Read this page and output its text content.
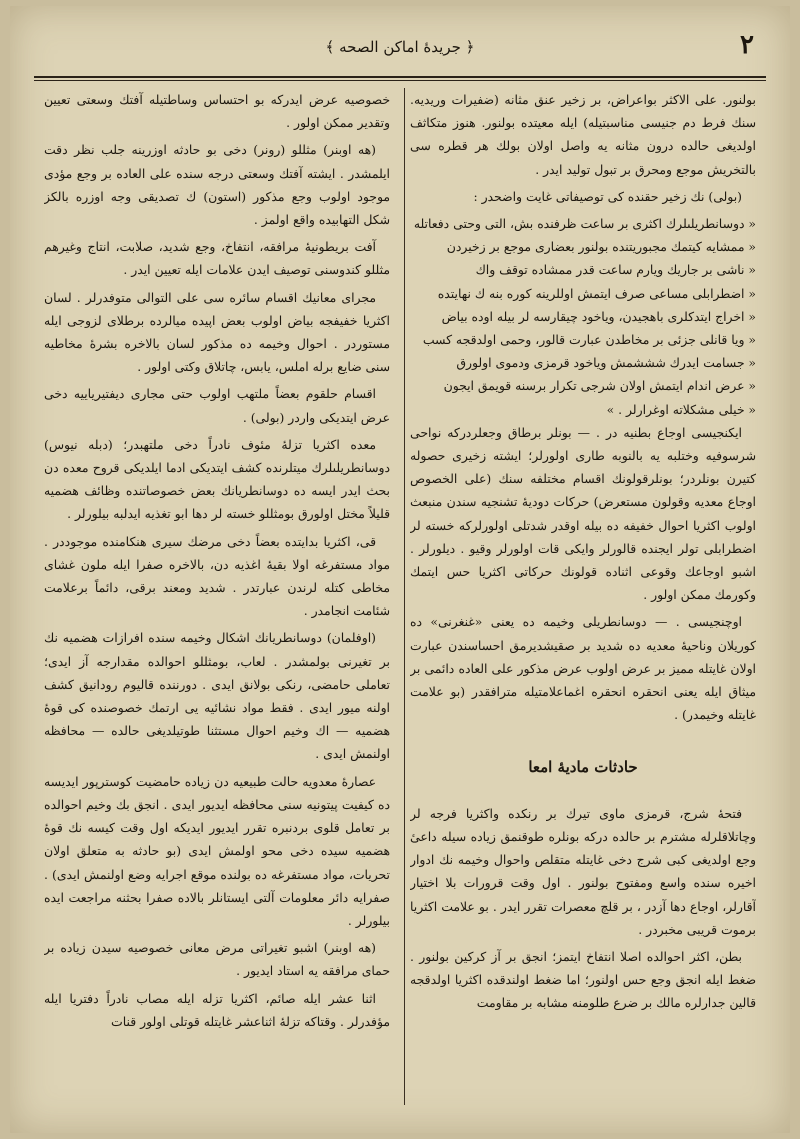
٢
﴿ جريدهٔ اماكن الصحه ﴾

بولنور. على الاكثر بواعراض، بر زخير عنق مثانه (ضفيرات وريديه. سنك فرط دم جنيسى مناسبتيله) ايله معيتده بولنور. هنوز متكاثف اولديغى حالده درون مثانه يه واصل اولان بولك هر قطره سى بالتخريش موجع ومحرق بر تبول توليد ايدر .

(بولى) نك زخير حقنده كى توصيفاتى غايت واضحدر :

« دوسانطريلىلرك اكثرى بر ساعت ظرفنده بش، التى وحتى دفعاتله

« ممشايه كيتمك مجبوريتنده بولنور بعضارى موجع بر زخيردن

« ناشى بر جاريك ويارم ساعت قدر ممشاده توقف واك

« اضطرابلى مساعى صرف ايتمش اوللرينه كوره بنه ك نهايتده

« اخراج ايتدكلرى باهجيدن، وياخود چيقارسه لر بيله اوده بياض

« ويا قانلى جزئى بر مخاطدن عبارت قالور، وحمى اولدقجه كسب

« جسامت ايدرك شششمش وياخود قرمزى ودموى اولورق

« عرض اندام ايتمش اولان شرجى تكرار برسنه قويمق ايجون

« خيلى مشكلاته اوغرارلر . »

ايكنجيسى اوجاع بطنيه در . — بونلر برطاق وجعلردركه نواحى شرسوفيه وختلبه يه بالنوبه طارى اولورلر؛ ايشته زخيرى حصوله كتيرن بونلردر؛ بونلرقولونك اقسام مختلفه سنك (على الخصوص اوجاع معديه وقولون مستعرض) حركات دوديهٔ تشنجيه سندن منبعث اولوب اكثريا احوال خفيفه ده بيله اوقدر شدتلى اولورلركه خسته لر اضطرابلى تولر ايجنده قالورلر وايكى قات اولورلر وقيو . ديلورلر . اشبو اوجاعك وقوعى اثناده قولونك حركاتى اكثريا حس ايتمك وكورمك ممكن اولور .

اوچنجيسى . — دوسانطريلى وخيمه ده يعنى «غنغرنى» ده كوريلان وناحيهٔ معديه ده شديد بر صقيشديرمق احساسندن عبارت اولان غايتله مميز بر عرض اولوب عرض مذكور على العاده دائمى بر ميثاق ايله يعنى انحقره انحقره اغماعلامتيله مترافقدر (بو علامت غايتله وخيمدر) .

حادثات ماديهٔ امعا

فتحهٔ شرج، قرمزى ماوى تيرك بر رنكده واكثريا فرجه لر وچاتلاقلرله مشترم بر حالده دركه بونلره طوقنمق زياده سيله داعىٔ وجع اولديغى كبى شرج دخى غايتله متقلص واحوال وخيمه نك ادوار اخيره سنده واسع ومفتوح بولنور . اول وقت قرورات بلا اختيار آقارلر، اوجاع دها آزدر ، بر قلچ معصرات تقرر ايدر . بو علامت اكثريا برموت قريبى مخبردر .

بطن، اكثر احوالده اصلا انتفاخ ايتمز؛ انجق بر آز كركين بولنور . ضغط ايله انجق وجع حس اولنور؛ اما ضغط اولندقده اكثريا اولدقجه قالين جدارلره مالك بر ضرع طلومنه مشابه بر مقاومت

خصوصيه عرض ايدركه بو احتساس وساطتيله آفتك وسعتى تعيين وتقدير ممكن اولور .

(هه اوبنر) مثللو (رونر) دخى بو حادثه اوزرينه جلب نظر دقت ايلمشدر . ايشته آفتك وسعتى درجه سنده على العاده بر وجع مؤدى موجود اولوب وجع مذكور (استون) ك تصديقى وجه اوزره بالكز شكل التهابيده واقع اولمز .

آفت بريطونيهٔ مرافقه، انتفاخ، وجع شديد، صلابت، انتاج وغيرهم مثللو كندوسنى توصيف ايدن علامات ايله تعيين ايدر .

مجراى معانيك اقسام سائره سى على التوالى متوفدرلر . لسان اكثريا خفيفجه بياض اولوب بعض اپيده ميالرده برطلاى لزوجى ايله مستوردر . احوال وخيمه ده مذكور لسان بالاخره بشرهٔ مخاطيه سنى ضايع برله املس، يابس، چاتلاق وكتى اولور .

اقسام حلقوم بعضاً ملتهب اولوب حتى مجارى ديفتيرياييه دخى عرض ايتديكى واردر (بولى) .

معده اكثريا تزلهٔ مئوف نادراً دخى ملتهبدر؛ (دبله نيوس) دوسانطريلىلرك ميتلرنده كشف ايتديكى ادما ايلديكى قروح معده دن بحث ايدر ايسه ده دوسانطريانك بعض خصوصاتنده وظائف هضميه قليلاً مختل اولورق بومثللو خسته لر دها ابو تغذيه ايدلبه بيلورلر .

قى، اكثريا بدايتده بعضاً دخى مرضك سيرى هنكامنده موجوددر . مواد مستفرغه اولا بقيهٔ اغذيه دن، بالاخره صفرا ايله ملون غشاى مخاطى كتله لرندن عبارتدر . شديد ومعند برقى، دائماً برعلامت شئامت انجامدر .

(اوفلمان) دوسانطريانك اشكال وخيمه سنده افرازات هضميه نك بر تغيرنى بولمشدر . لعاب، بومثللو احوالده مقدارجه آز ايدى؛ تعاملى حامضى، رنكى بولانق ايدى . دورننده قاليوم رودانيق كشف اولنه ميور ايدى . فقط مواد نشائيه يى ارتمك خصوصنده كى قوهٔ هضميه — اك وخيم احوال مستثنا طوتيلديغى حالده — محافظه اولنمش ايدى .

عصارهٔ معدويه حالت طبيعيه دن زياده حامضيت كوسترپور ايديسه ده كيفيت پيتونيه سنى محافظه ايديور ايدى . انجق بك وخيم احوالده بر تعامل قلوى بردنبره تقرر ايديور ايديكه اول وقت كيسه نك قوهٔ هضميه سيده دخى محو اولمش ايدى (بو حادثه به متعلق اولان تحريات، مواد مستفرغه ده بولنده موقع اجرايه وضع اولنمش ايدى) . صفرايه دائر معلومات آلتى ايستانلر بالاده صفرا بحثنه مراجعت ايده بيلورلر .

(هه اوبنر) اشبو تغيراتى مرض معانى خصوصيه سيدن زياده بر حماى مرافقه يه استاد ايديور .

اثنا عشر ايله صائم، اكثريا تزله ايله مصاب نادراً دفتريا ايله مؤفدرلر . وقتاكه تزلهٔ اثناعشر غايتله قوتلى اولور قنات
